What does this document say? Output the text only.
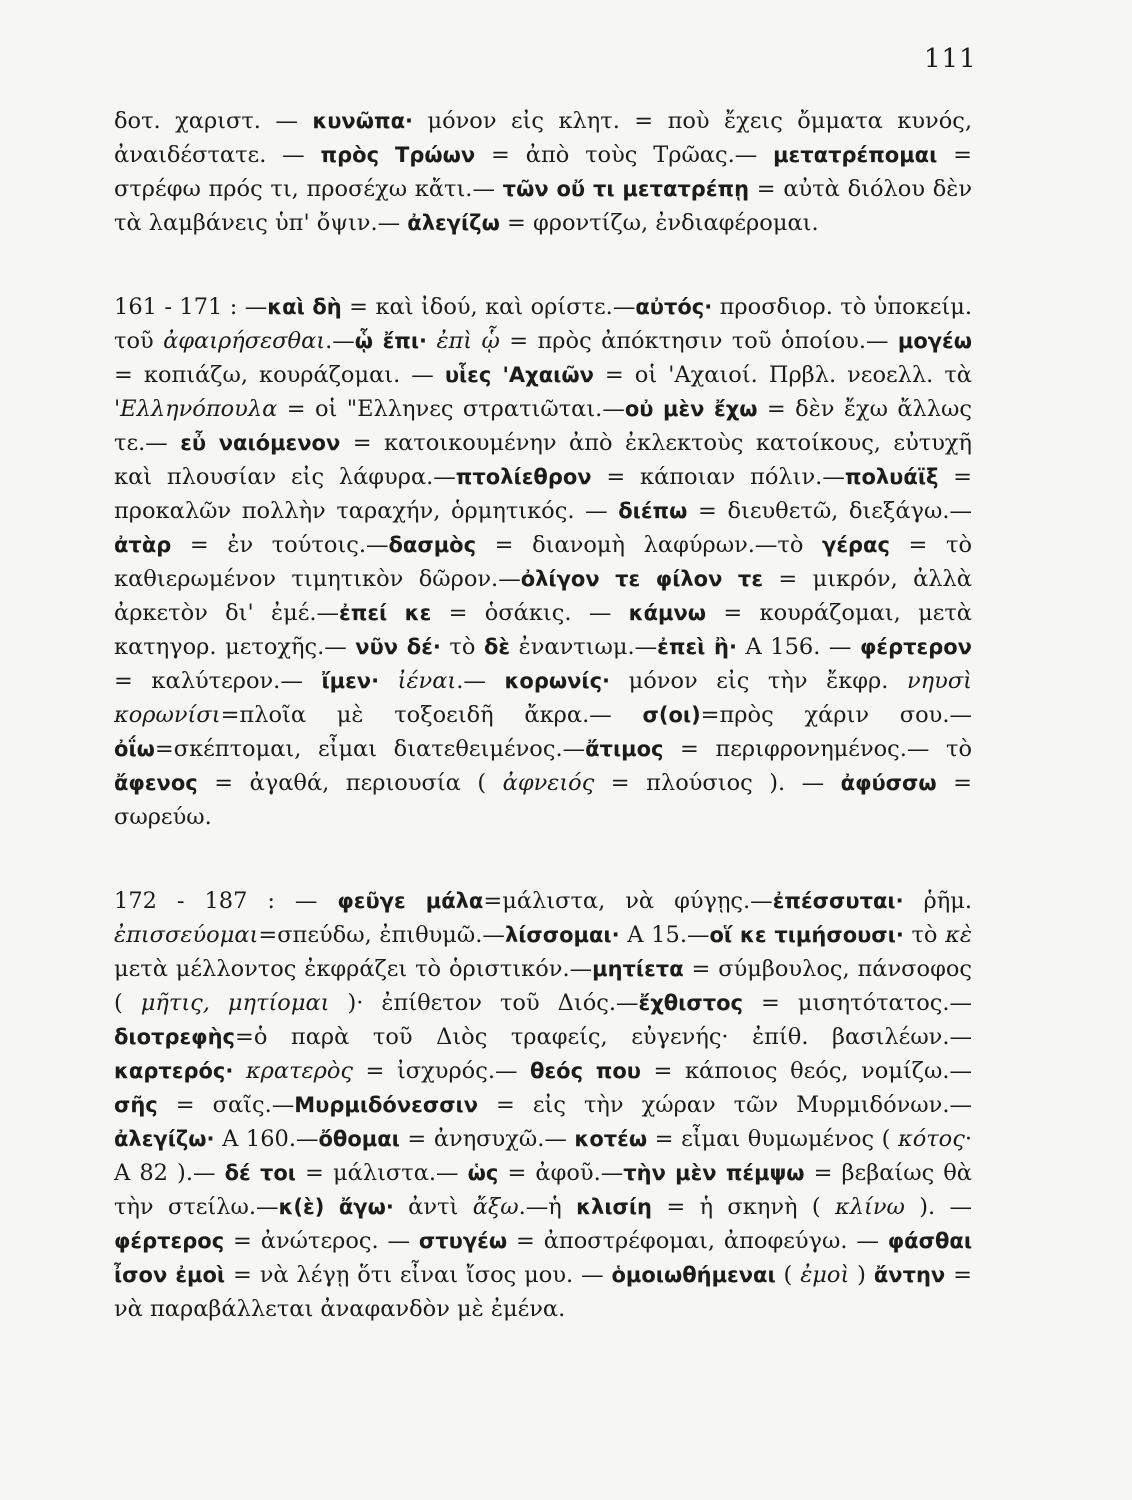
111
δοτ. χαριστ. — κυνῶπα· μόνον εἰς κλητ. = ποὺ ἔχεις ὄμματα κυνός, ἀναιδέστατε. — πρὸς Τρώων = ἀπὸ τοὺς Τρῶας.— μετατρέπομαι = στρέφω πρός τι, προσέχω κἄτι.— τῶν οὔ τι μετατρέπῃ = αὐτὰ διόλου δὲν τὰ λαμβάνεις ὑπ' ὄψιν.— ἀλεγίζω = φροντίζω, ἐνδιαφέρομαι.
161 - 171 : —καὶ δὴ = καὶ ἰδού, καὶ ορίστε.—αὐτός· προσδιορ. τὸ ὑποκείμ. τοῦ ἀφαιρήσεσθαι.—ᾧ ἔπι· ἐπὶ ᾧ = πρὸς ἀπόκτησιν τοῦ ὁποίου.— μογέω = κοπιάζω, κουράζομαι. — υἷες 'Αχαιῶν = οἱ 'Αχαιοί. Πρβλ. νεοελλ. τὰ 'Ελληνόπουλα = οἱ "Ελληνες στρατιῶται.—οὐ μὲν ἔχω = δὲν ἔχω ἄλλως τε.— εὖ ναιόμενον = κατοικουμένην ἀπὸ ἐκλεκτοὺς κατοίκους, εὐτυχῆ καὶ πλουσίαν εἰς λάφυρα.—πτολίεθρον = κάποιαν πόλιν.—πολυάϊξ = προκαλῶν πολλὴν ταραχήν, ὁρμητικός. — διέπω = διευθετῶ, διεξάγω.— ἀτὰρ = ἐν τούτοις.—δασμὸς = διανομὴ λαφύρων.—τὸ γέρας = τὸ καθιερωμένον τιμητικὸν δῶρον.—ὀλίγον τε φίλον τε = μικρόν, ἀλλὰ ἀρκετὸν δι' ἐμέ.—ἐπεί κε = ὁσάκις. — κάμνω = κουράζομαι, μετὰ κατηγορ. μετοχῆς.— νῦν δέ· τὸ δὲ ἐναντιωμ.—ἐπεὶ ἢ· Α 156. — φέρτερον = καλύτερον.— ἴμεν· ἰέναι.— κορωνίς· μόνον εἰς τὴν ἔκφρ. νηυσὶ κορωνίσι=πλοῖα μὲ τοξοειδῆ ἄκρα.— σ(οι)=πρὸς χάριν σου.— ὀΐω=σκέπτομαι, εἶμαι διατεθειμένος.—ἄτιμος = περιφρονημένος.— τὸ ἄφενος = ἀγαθά, περιουσία ( ἀφνειός = πλούσιος ). — ἀφύσσω = σωρεύω.
172 - 187 : — φεῦγε μάλα=μάλιστα, νὰ φύγῃς.—ἐπέσσυται· ῥῆμ. ἐπισσεύομαι=σπεύδω, ἐπιθυμῶ.—λίσσομαι· Α 15.—οἵ κε τιμήσουσι· τὸ κὲ μετὰ μέλλοντος ἐκφράζει τὸ ὁριστικόν.—μητίετα = σύμβουλος, πάνσοφος ( μῆτις, μητίομαι )· ἐπίθετον τοῦ Διός.—ἔχθιστος = μισητότατος.— διοτρεφὴς=ὁ παρὰ τοῦ Διὸς τραφείς, εὐγενής· ἐπίθ. βασιλέων.— καρτερός· κρατερὸς = ἰσχυρός.— θεός που = κάποιος θεός, νομίζω.— σῆς = σαῖς.—Μυρμιδόνεσσιν = εἰς τὴν χώραν τῶν Μυρμιδόνων.—ἀλεγίζω· Α 160.—ὄθομαι = ἀνησυχῶ.— κοτέω = εἶμαι θυμωμένος ( κότος· Α 82 ).— δέ τοι = μάλιστα.— ὡς = ἀφοῦ.—τὴν μὲν πέμψω = βεβαίως θὰ τὴν στείλω.—κ(ὲ) ἄγω· ἀντὶ ἄξω.—ἡ κλισίη = ἡ σκηνὴ ( κλίνω ). — φέρτερος = ἀνώτερος. — στυγέω = ἀποστρέφομαι, ἀποφεύγω. — φάσθαι ἶσον ἐμοὶ = νὰ λέγῃ ὅτι εἶναι ἴσος μου. — ὁμοιωθήμεναι ( ἐμοὶ ) ἄντην = νὰ παραβάλλεται ἀναφανδὸν μὲ ἐμένα.
